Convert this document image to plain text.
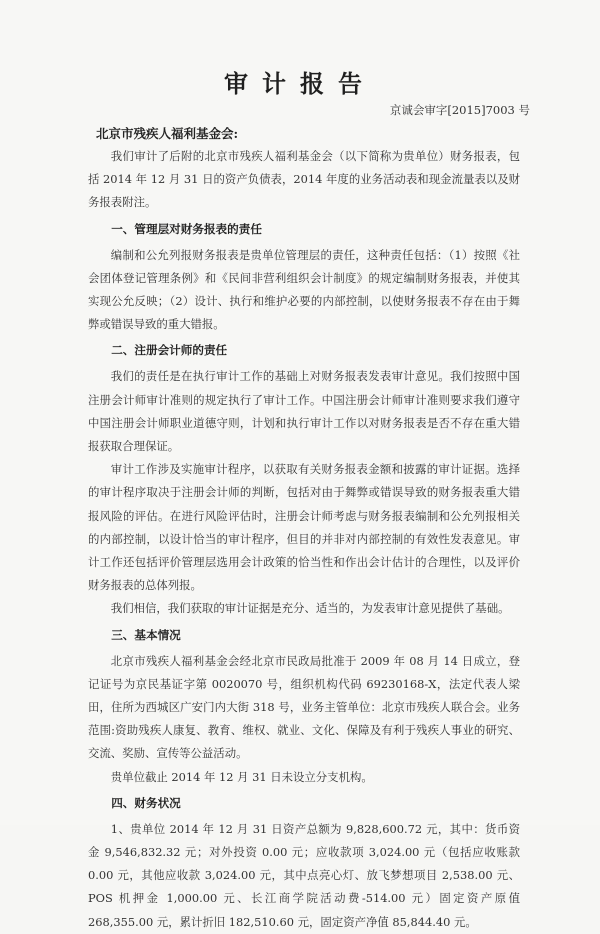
审计报告
京诚会审字[2015]7003 号
北京市残疾人福利基金会:

我们审计了后附的北京市残疾人福利基金会（以下简称为贵单位）财务报表，包括 2014 年 12 月 31 日的资产负债表，2014 年度的业务活动表和现金流量表以及财务报表附注。

一、管理层对财务报表的责任

编制和公允列报财务报表是贵单位管理层的责任，这种责任包括：（1）按照《社会团体登记管理条例》和《民间非营利组织会计制度》的规定编制财务报表，并使其实现公允反映；（2）设计、执行和维护必要的内部控制，以使财务报表不存在由于舞弊或错误导致的重大错报。

二、注册会计师的责任

我们的责任是在执行审计工作的基础上对财务报表发表审计意见。我们按照中国注册会计师审计准则的规定执行了审计工作。中国注册会计师审计准则要求我们遵守中国注册会计师职业道德守则，计划和执行审计工作以对财务报表是否不存在重大错报获取合理保证。

审计工作涉及实施审计程序，以获取有关财务报表金额和披露的审计证据。选择的审计程序取决于注册会计师的判断，包括对由于舞弊或错误导致的财务报表重大错报风险的评估。在进行风险评估时，注册会计师考虑与财务报表编制和公允列报相关的内部控制，以设计恰当的审计程序，但目的并非对内部控制的有效性发表意见。审计工作还包括评价管理层选用会计政策的恰当性和作出会计估计的合理性，以及评价财务报表的总体列报。

我们相信，我们获取的审计证据是充分、适当的，为发表审计意见提供了基础。

三、基本情况

北京市残疾人福利基金会经北京市民政局批准于 2009 年 08 月 14 日成立，登记证号为京民基证字第 0020070 号，组织机构代码 69230168-X，法定代表人梁田，住所为西城区广安门内大街 318 号，业务主管单位：北京市残疾人联合会。业务范围:资助残疾人康复、教育、维权、就业、文化、保障及有利于残疾人事业的研究、交流、奖励、宣传等公益活动。

贵单位截止 2014 年 12 月 31 日未设立分支机构。

四、财务状况

1、贵单位 2014 年 12 月 31 日资产总额为 9,828,600.72 元，其中：货币资金 9,546,832.32 元；对外投资 0.00 元；应收款项 3,024.00 元（包括应收账款 0.00 元，其他应收款 3,024.00 元，其中点亮心灯、放飞梦想项目 2,538.00 元、POS 机押金 1,000.00 元、长江商学院活动费-514.00 元）固定资产原值 268,355.00 元，累计折旧 182,510.60 元，固定资产净值 85,844.40 元。
